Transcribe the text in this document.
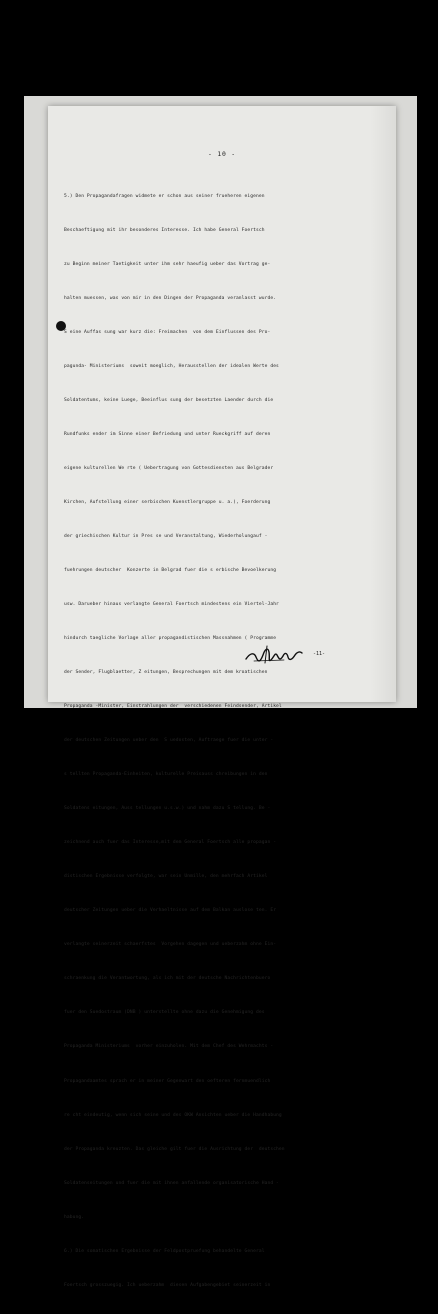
- 10 -

5.) Den Propagandafragen widmete er schon aus seiner frueheren eigenen

Beschaeftigung mit ihr besonderes Interesse. Ich habe General Foertsch

zu Beginn meiner Taetigkeit unter ihm sehr haeufig ueber das Vortrag ge-

halten muessen, was von mir in den Dingen der Propaganda veranlasst wurde.

S eine Auffas sung war kurz die: Freimachen  von dem Einflussen des Pro-

pagunda- Ministeriums  soweit moeglich, Herausstellen der idealen Werte des

Soldatentums, keine Luege, Beeinflus sung der besetzten Laender durch die

Rundfunks ender im Sinne einer Befriedung und unter Rueckgriff auf deren

eigene kulturellen We rte ( Uebertragung von Gottesdiensten aus Belgrader

Kirchen, Aufstellung einer serbischen Kuenstlergruppe u. a.), Foerderung

der griechischen Kultur in Pres se und Veranstaltung, Wiederholungauf -

fuehrungen deutscher  Konzerte in Belgrad fuer die s erbische Bevoelkerung

usw. Darueber hinaus verlangte General Foertsch mindestens ein Viertel-Jahr

hindurch taegliche Vorlage aller propagandistischen Massnahmen ( Programme

der Sender, Flugblaetter, Z eitungen, Besprechungen mit dem kroatischen

Propaganda -Minister, Einstrahlungen der  verschiedenen Feindsender, Artikel

der deutschen Zeitungen ueber den  S uedosten, Auftraege fuer die unter -

s tellten Propaganda-Einheiten, kulturelle Preisauss chreibungen in den

Soldatens eitungen, Auss tellungen u.s.w.) und nahm dazu S tellung. Be -

zeichnend auch fuer das Interesse,mit dem General Foertsch alle propagan -

distischen Ergebnisse verfolgte, war sein Unmille, den mehrfach Artikel

deutscher Zeitungen ueber die Verhaeltnisse auf dem Balkan auslose ten. Er

verlangte seinerzeit schaerfstes  Vorgehen dagegen und ueberzahm ohne Ein-

schraenkung die Verantwortung, als ich mit der deutsche Nachrichtenbuero

fuer den Suedostraum (DNB ) unterstellte ohne dazu die Genehmigung des

Propaganda Ministeriums  vorher einzuholen. Mit dem Chef des Wehrmachts -

Propagandaamtes sprach er in meiner Gegenwart den oefteren fernmuendlich

re cht eindeutig, wenn sich seine und des OKW Ansichten ueber die Handhabung

der Propaganda kreuzten. Das gleiche gilt fuer die Ausrichtung der  deutschen

Soldatenseitungen und fuer die mit ihnen anfallende organisatorische Hand -

habung.

6.) Die somatischen Ergebnisse der Feldpostpruefung behandelte General

Foertsch grosszuegig. Ich ueberzahm  diesen Aufgabengebiet seinerzeit in

-11-
